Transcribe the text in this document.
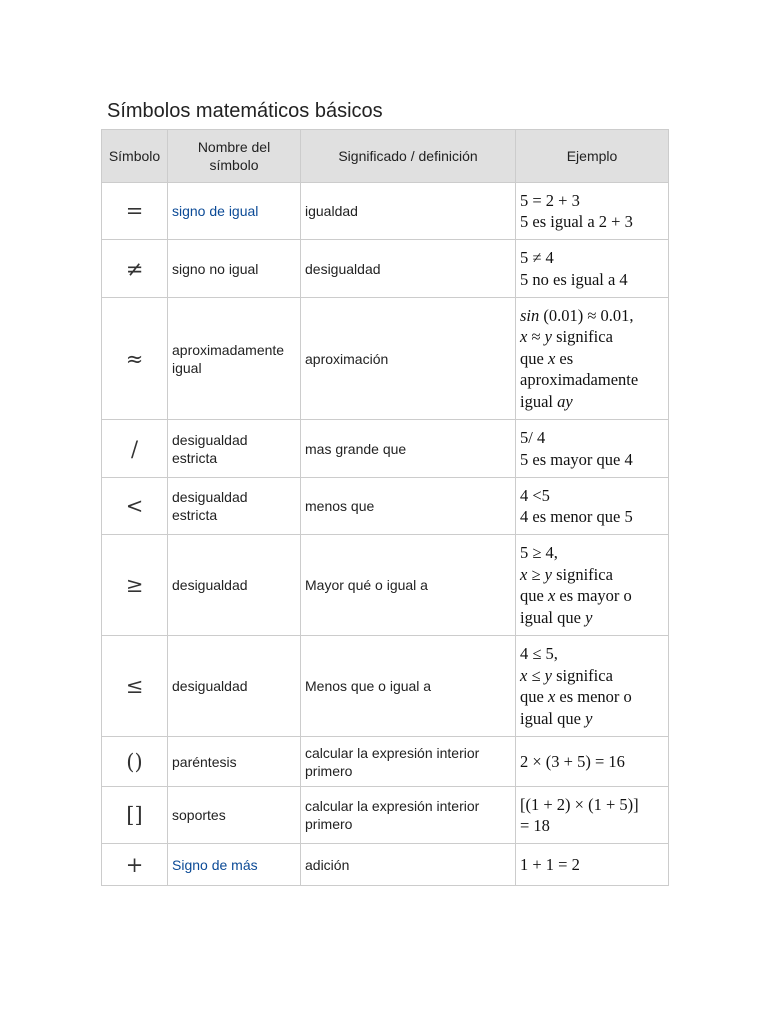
Símbolos matemáticos básicos
Símbolo	Nombre del símbolo	Significado / definición	Ejemplo
=	signo de igual	igualdad	5 = 2 + 3
5 es igual a 2 + 3

≠	signo no igual	desigualdad	5 ≠ 4
5 no es igual a 4

≈	aproximadamente igual	aproximación	sin (0.01) ≈ 0.01,
x ≈ y significa
que x es
aproximadamente
igual ay

/	desigualdad estricta	mas grande que	5/ 4
5 es mayor que 4

<	desigualdad estricta	menos que	4 <5
4 es menor que 5

≥	desigualdad	Mayor qué o igual a	5 ≥ 4,
x ≥ y significa
que x es mayor o
igual que y

≤	desigualdad	Menos que o igual a	4 ≤ 5,
x ≤ y significa
que x es menor o
igual que y

()	paréntesis	calcular la expresión interior primero	2 × (3 + 5) = 16

[]	soportes	calcular la expresión interior primero	[(1 + 2) × (1 + 5)]
= 18

+	Signo de más	adición	1 + 1 = 2
